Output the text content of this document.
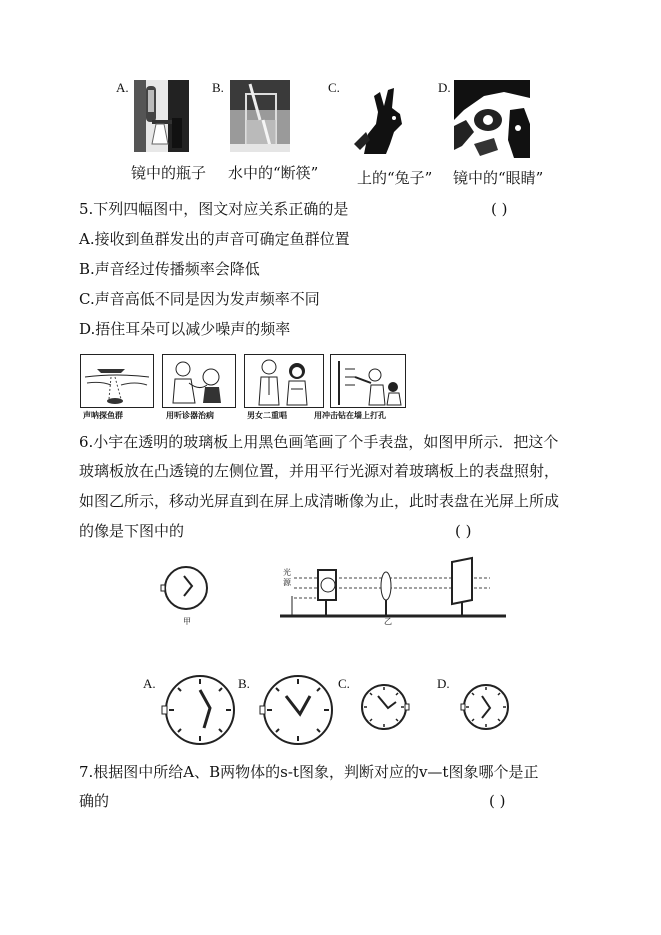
A.	B.	C.	D.
镜中的瓶子 水中的“断筷”	上的“兔子” 镜中的“眼睛”
5.下列四幅图中，图文对应关系正确的是	( )
A.接收到鱼群发出的声音可确定鱼群位置
B.声音经过传播频率会降低
C.声音高低不同是因为发声频率不同
D.捂住耳朵可以减少噪声的频率
声呐探鱼群	用听诊器治病	男女二重唱	用冲击钻在墙上打孔
6.小宇在透明的玻璃板上用黑色画笔画了个手表盘，如图甲所示．把这个
玻璃板放在凸透镜的左侧位置，并用平行光源对着玻璃板上的表盘照射，
如图乙所示，移动光屏直到在屏上成清晰像为止，此时表盘在光屏上所成
的像是下图中的	( )
甲
光源
乙
A.	B.	C.	D.
7.根据图中所给A、B两物体的s-t图象，判断对应的v—t图象哪个是正
确的	( )
